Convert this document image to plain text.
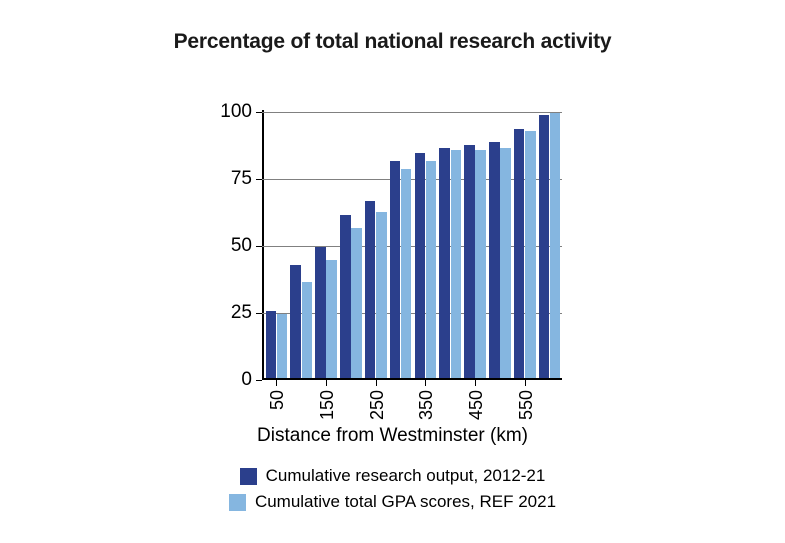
Percentage of total national research activity
0
25
50
75
100
50 150 250 350 450 550
Distance from Westminster (km)
Cumulative research output, 2012-21
Cumulative total GPA scores, REF 2021
